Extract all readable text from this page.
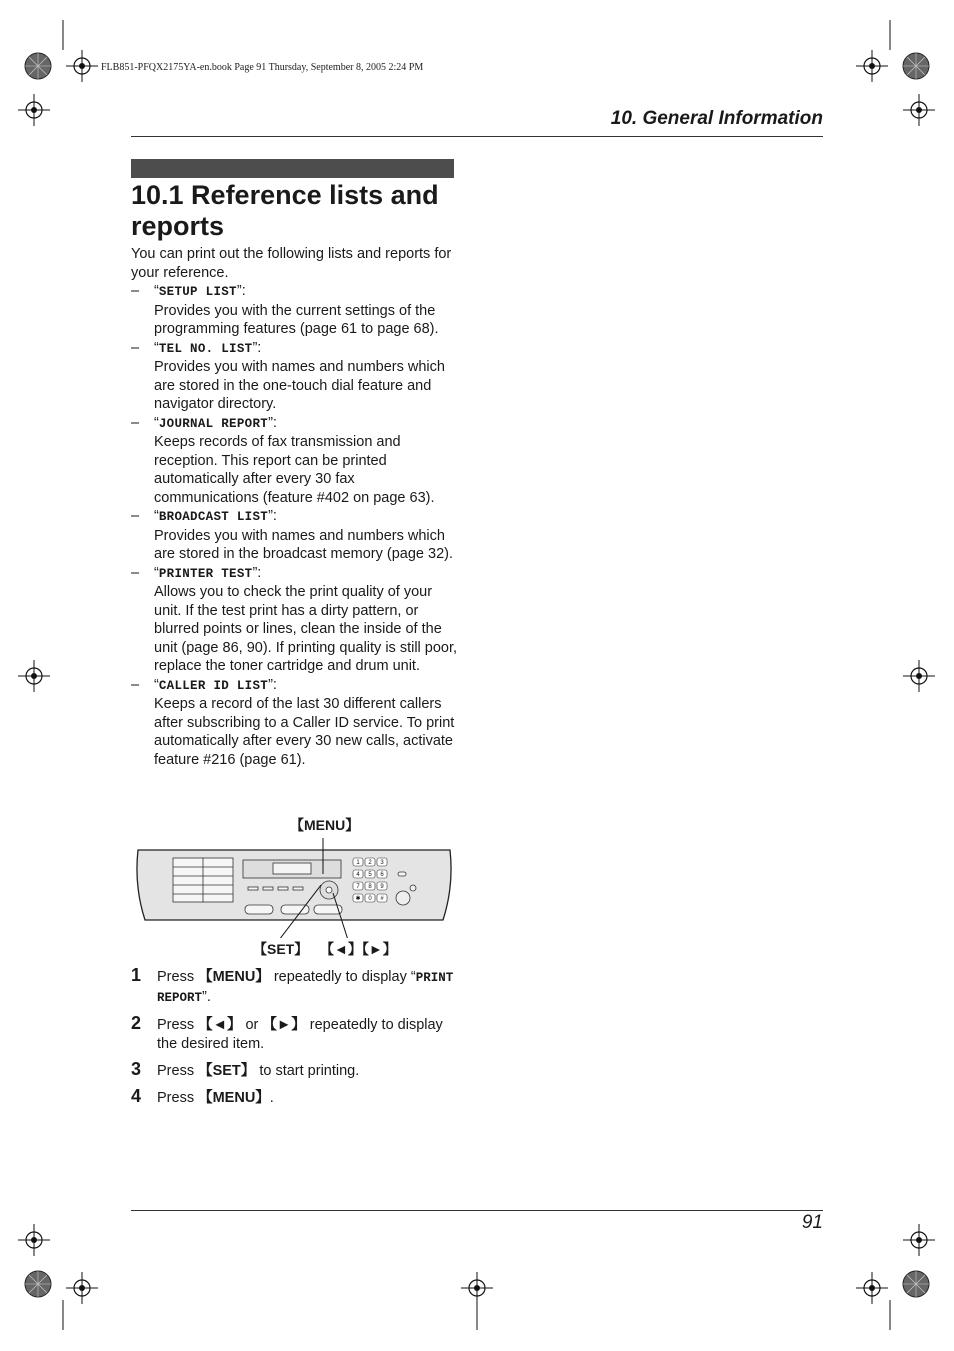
FLB851-PFQX2175YA-en.book Page 91 Thursday, September 8, 2005 2:24 PM
10. General Information
10.1 Reference lists and reports
You can print out the following lists and reports for your reference.
– “SETUP LIST”:
Provides you with the current settings of the programming features (page 61 to page 68).
– “TEL NO. LIST”:
Provides you with names and numbers which are stored in the one-touch dial feature and navigator directory.
– “JOURNAL REPORT”:
Keeps records of fax transmission and reception. This report can be printed automatically after every 30 fax communications (feature #402 on page 63).
– “BROADCAST LIST”:
Provides you with names and numbers which are stored in the broadcast memory (page 32).
– “PRINTER TEST”:
Allows you to check the print quality of your unit. If the test print has a dirty pattern, or blurred points or lines, clean the inside of the unit (page 86, 90). If printing quality is still poor, replace the toner cartridge and drum unit.
– “CALLER ID LIST”:
Keeps a record of the last 30 different callers after subscribing to a Caller ID service. To print automatically after every 30 new calls, activate feature #216 (page 61).
【MENU】
1 2 3
4 5 6
7 8 9
✱ 0 #
【SET】 【◄】【►】
1 Press 【MENU】 repeatedly to display “PRINT REPORT”.
2 Press 【◄】 or 【►】 repeatedly to display the desired item.
3 Press 【SET】 to start printing.
4 Press 【MENU】.
91
